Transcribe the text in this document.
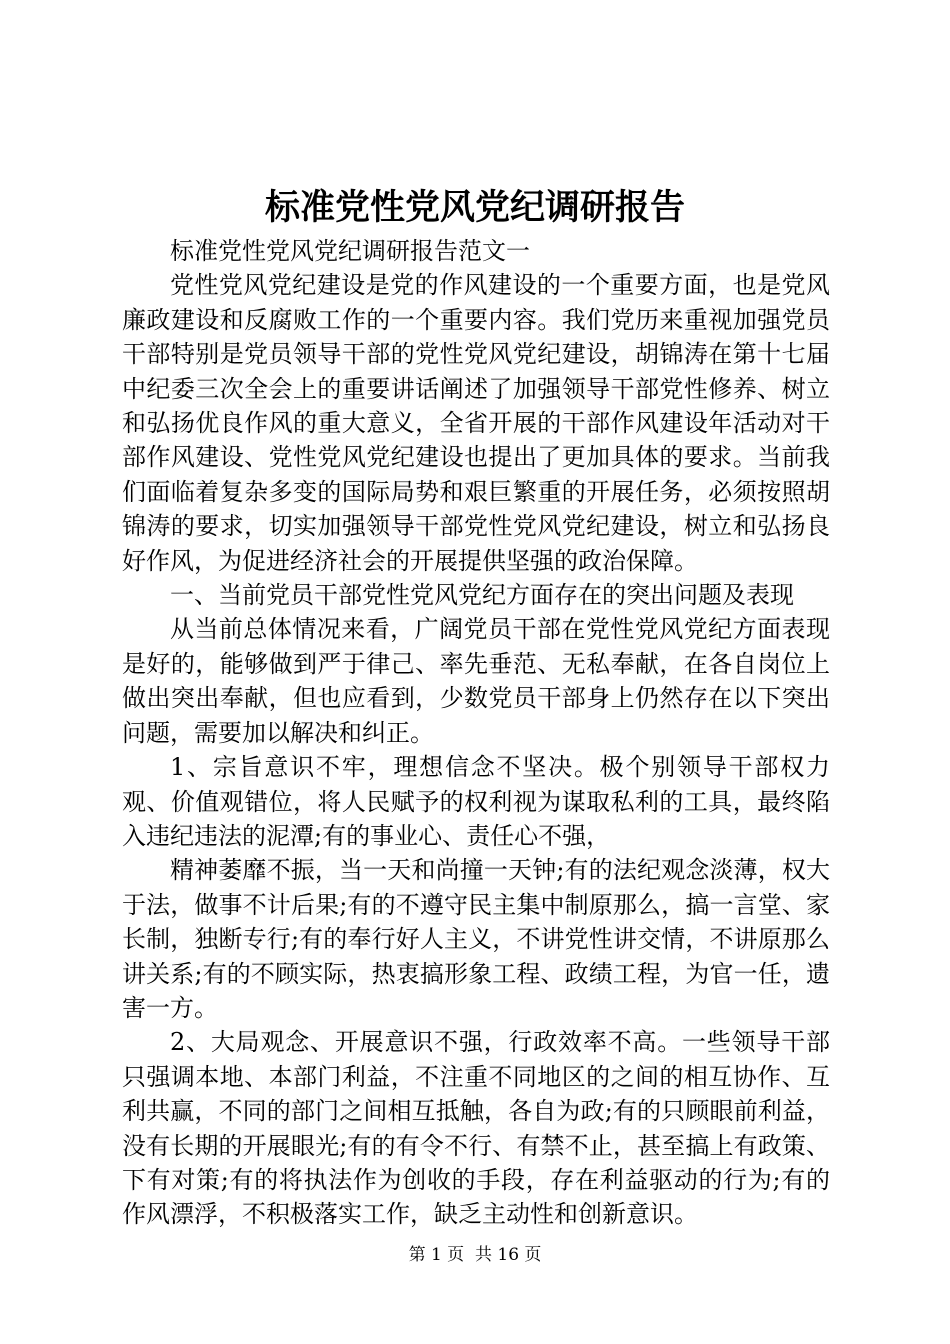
标准党性党风党纪调研报告

标准党性党风党纪调研报告范文一

党性党风党纪建设是党的作风建设的一个重要方面，也是党风廉政建设和反腐败工作的一个重要内容。我们党历来重视加强党员干部特别是党员领导干部的党性党风党纪建设，胡锦涛在第十七届中纪委三次全会上的重要讲话阐述了加强领导干部党性修养、树立和弘扬优良作风的重大意义，全省开展的干部作风建设年活动对干部作风建设、党性党风党纪建设也提出了更加具体的要求。当前我们面临着复杂多变的国际局势和艰巨繁重的开展任务，必须按照胡锦涛的要求，切实加强领导干部党性党风党纪建设，树立和弘扬良好作风，为促进经济社会的开展提供坚强的政治保障。

一、当前党员干部党性党风党纪方面存在的突出问题及表现

从当前总体情况来看，广阔党员干部在党性党风党纪方面表现是好的，能够做到严于律己、率先垂范、无私奉献，在各自岗位上做出突出奉献，但也应看到，少数党员干部身上仍然存在以下突出问题，需要加以解决和纠正。

1、宗旨意识不牢，理想信念不坚决。极个别领导干部权力观、价值观错位，将人民赋予的权利视为谋取私利的工具，最终陷入违纪违法的泥潭;有的事业心、责任心不强，

精神萎靡不振，当一天和尚撞一天钟;有的法纪观念淡薄，权大于法，做事不计后果;有的不遵守民主集中制原那么，搞一言堂、家长制，独断专行;有的奉行好人主义，不讲党性讲交情，不讲原那么讲关系;有的不顾实际，热衷搞形象工程、政绩工程，为官一任，遗害一方。

2、大局观念、开展意识不强，行政效率不高。一些领导干部只强调本地、本部门利益，不注重不同地区的之间的相互协作、互利共赢，不同的部门之间相互抵触，各自为政;有的只顾眼前利益，没有长期的开展眼光;有的有令不行、有禁不止，甚至搞上有政策、下有对策;有的将执法作为创收的手段，存在利益驱动的行为;有的作风漂浮，不积极落实工作，缺乏主动性和创新意识。

第 1 页  共 16 页
